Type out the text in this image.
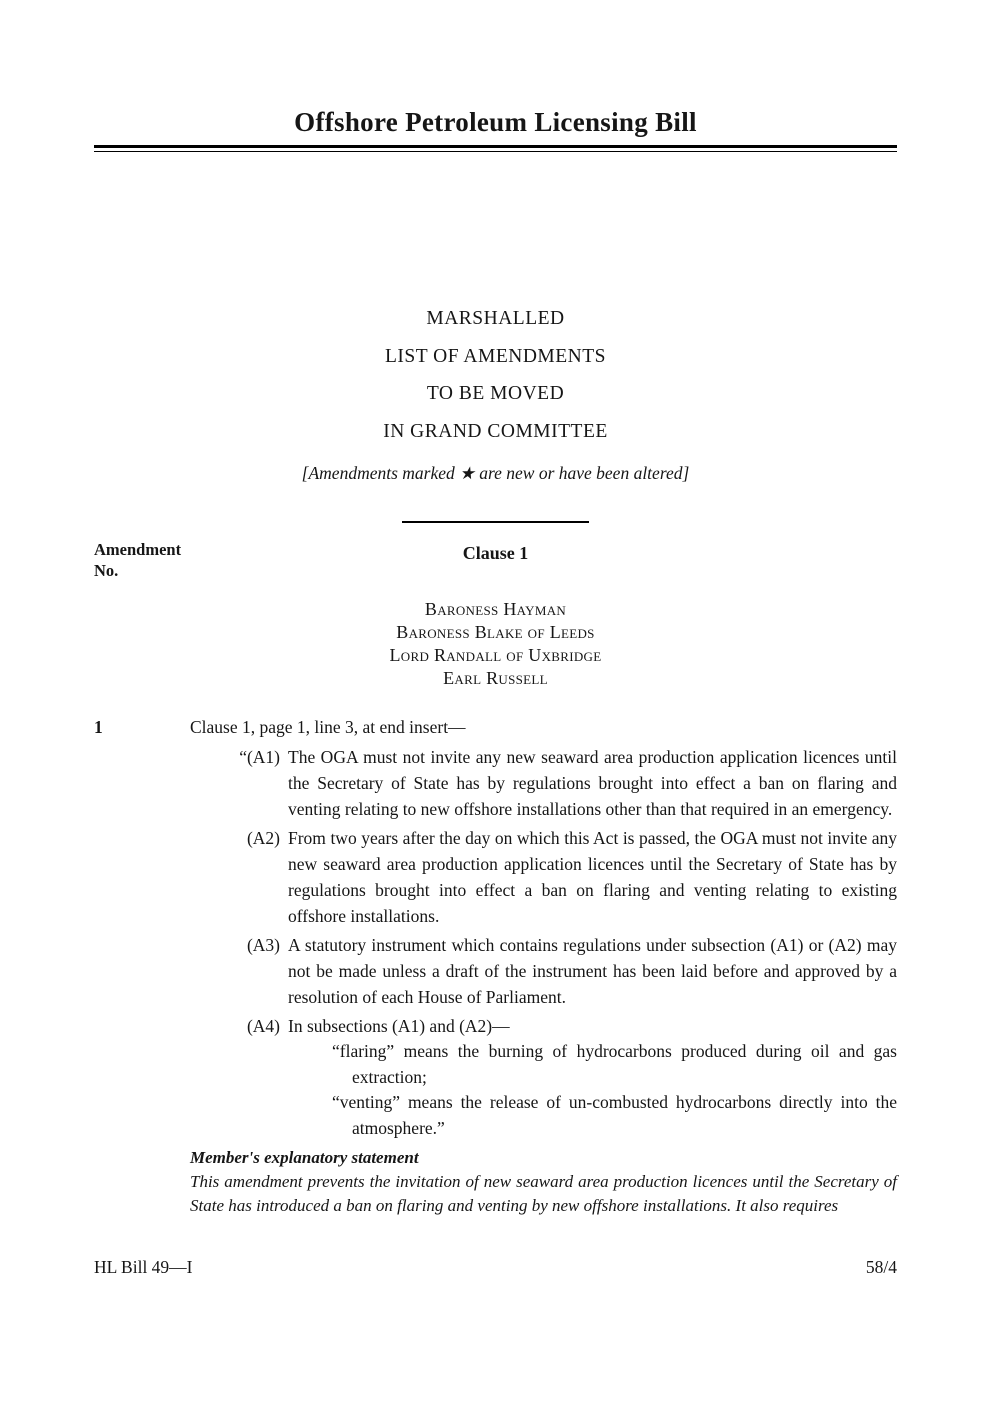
Offshore Petroleum Licensing Bill
MARSHALLED
LIST OF AMENDMENTS
TO BE MOVED
IN GRAND COMMITTEE
[Amendments marked ★ are new or have been altered]
Amendment
No.
Clause 1
Baroness Hayman
Baroness Blake of Leeds
Lord Randall of Uxbridge
Earl Russell
1	Clause 1, page 1, line 3, at end insert—
“(A1) The OGA must not invite any new seaward area production application licences until the Secretary of State has by regulations brought into effect a ban on flaring and venting relating to new offshore installations other than that required in an emergency.
(A2) From two years after the day on which this Act is passed, the OGA must not invite any new seaward area production application licences until the Secretary of State has by regulations brought into effect a ban on flaring and venting relating to existing offshore installations.
(A3) A statutory instrument which contains regulations under subsection (A1) or (A2) may not be made unless a draft of the instrument has been laid before and approved by a resolution of each House of Parliament.
(A4) In subsections (A1) and (A2)—
“flaring” means the burning of hydrocarbons produced during oil and gas extraction;
“venting” means the release of un-combusted hydrocarbons directly into the atmosphere.”
Member's explanatory statement
This amendment prevents the invitation of new seaward area production licences until the Secretary of State has introduced a ban on flaring and venting by new offshore installations. It also requires
HL Bill 49—I	58/4
